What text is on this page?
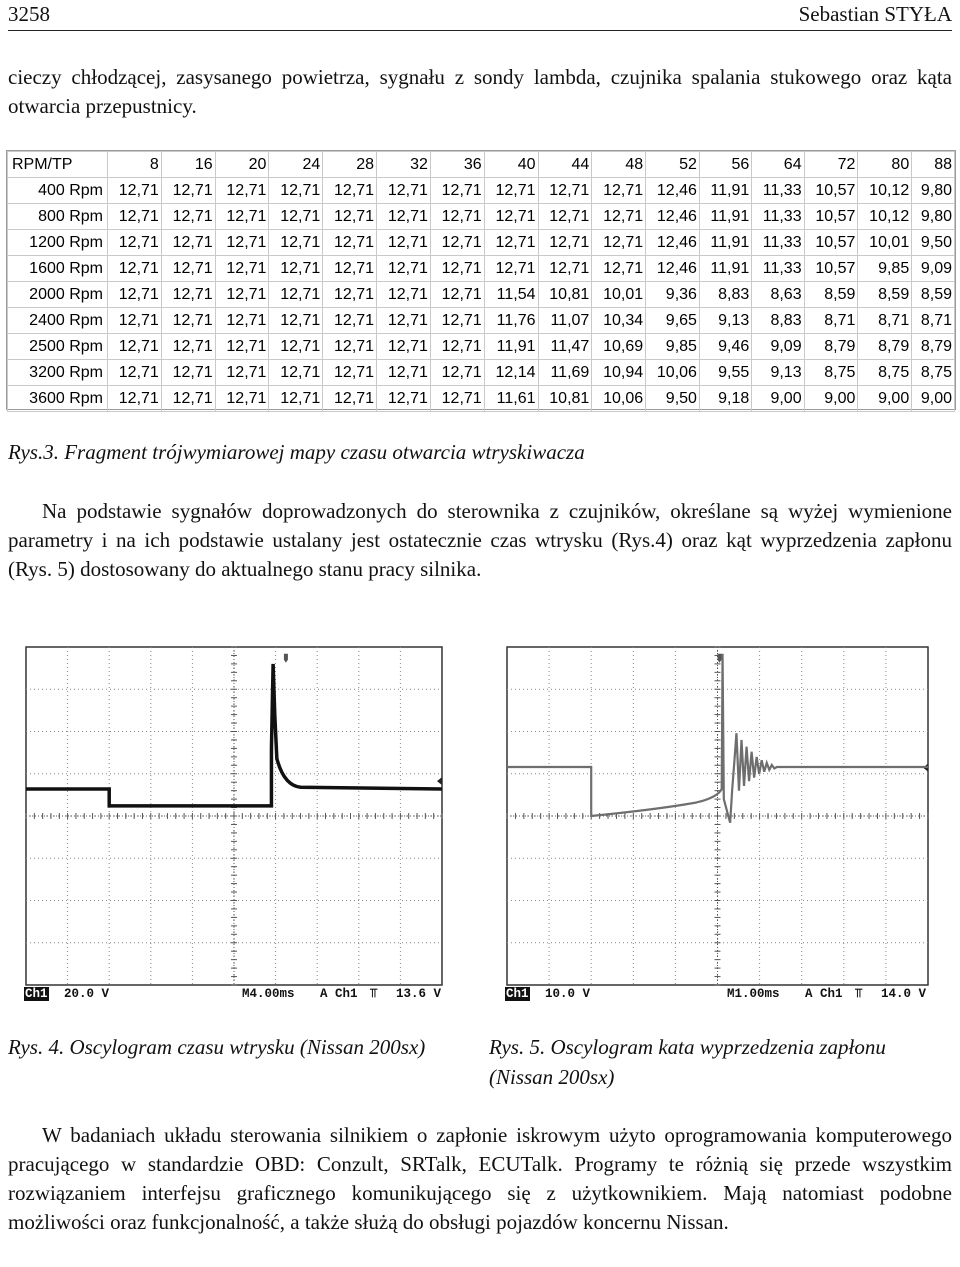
3258	Sebastian STYŁA
cieczy chłodzącej, zasysanego powietrza, sygnału z sondy lambda, czujnika spalania stukowego oraz kąta otwarcia przepustnicy.
RPM/TP	8	16	20	24	28	32	36	40	44	48	52	56	64	72	80	88
400 Rpm	12,71	12,71	12,71	12,71	12,71	12,71	12,71	12,71	12,71	12,71	12,46	11,91	11,33	10,57	10,12	9,80
800 Rpm	12,71	12,71	12,71	12,71	12,71	12,71	12,71	12,71	12,71	12,71	12,46	11,91	11,33	10,57	10,12	9,80
1200 Rpm	12,71	12,71	12,71	12,71	12,71	12,71	12,71	12,71	12,71	12,71	12,46	11,91	11,33	10,57	10,01	9,50
1600 Rpm	12,71	12,71	12,71	12,71	12,71	12,71	12,71	12,71	12,71	12,71	12,46	11,91	11,33	10,57	9,85	9,09
2000 Rpm	12,71	12,71	12,71	12,71	12,71	12,71	12,71	11,54	10,81	10,01	9,36	8,83	8,63	8,59	8,59	8,59
2400 Rpm	12,71	12,71	12,71	12,71	12,71	12,71	12,71	11,76	11,07	10,34	9,65	9,13	8,83	8,71	8,71	8,71
2500 Rpm	12,71	12,71	12,71	12,71	12,71	12,71	12,71	11,91	11,47	10,69	9,85	9,46	9,09	8,79	8,79	8,79
3200 Rpm	12,71	12,71	12,71	12,71	12,71	12,71	12,71	12,14	11,69	10,94	10,06	9,55	9,13	8,75	8,75	8,75
3600 Rpm	12,71	12,71	12,71	12,71	12,71	12,71	12,71	11,61	10,81	10,06	9,50	9,18	9,00	9,00	9,00	9,00
Rys.3. Fragment trójwymiarowej mapy czasu otwarcia wtryskiwacza
Na podstawie sygnałów doprowadzonych do sterownika z czujników, określane są wyżej wymienione parametry i na ich podstawie ustalany jest ostatecznie czas wtrysku (Rys.4) oraz kąt wyprzedzenia zapłonu (Rys. 5) dostosowany do aktualnego stanu pracy silnika.
Ch1 20.0 V	M4.00ms A Ch1 ⫪ 13.6 V	Ch1 10.0 V	M1.00ms A Ch1 ⫪ 14.0 V
Rys. 4. Oscylogram czasu wtrysku (Nissan 200sx)	Rys. 5. Oscylogram kata wyprzedzenia zapłonu (Nissan 200sx)
W badaniach układu sterowania silnikiem o zapłonie iskrowym użyto oprogramowania komputerowego pracującego w standardzie OBD: Conzult, SRTalk, ECUTalk. Programy te różnią się przede wszystkim rozwiązaniem interfejsu graficznego komunikującego się z użytkownikiem. Mają natomiast podobne możliwości oraz funkcjonalność, a także służą do obsługi pojazdów koncernu Nissan.
